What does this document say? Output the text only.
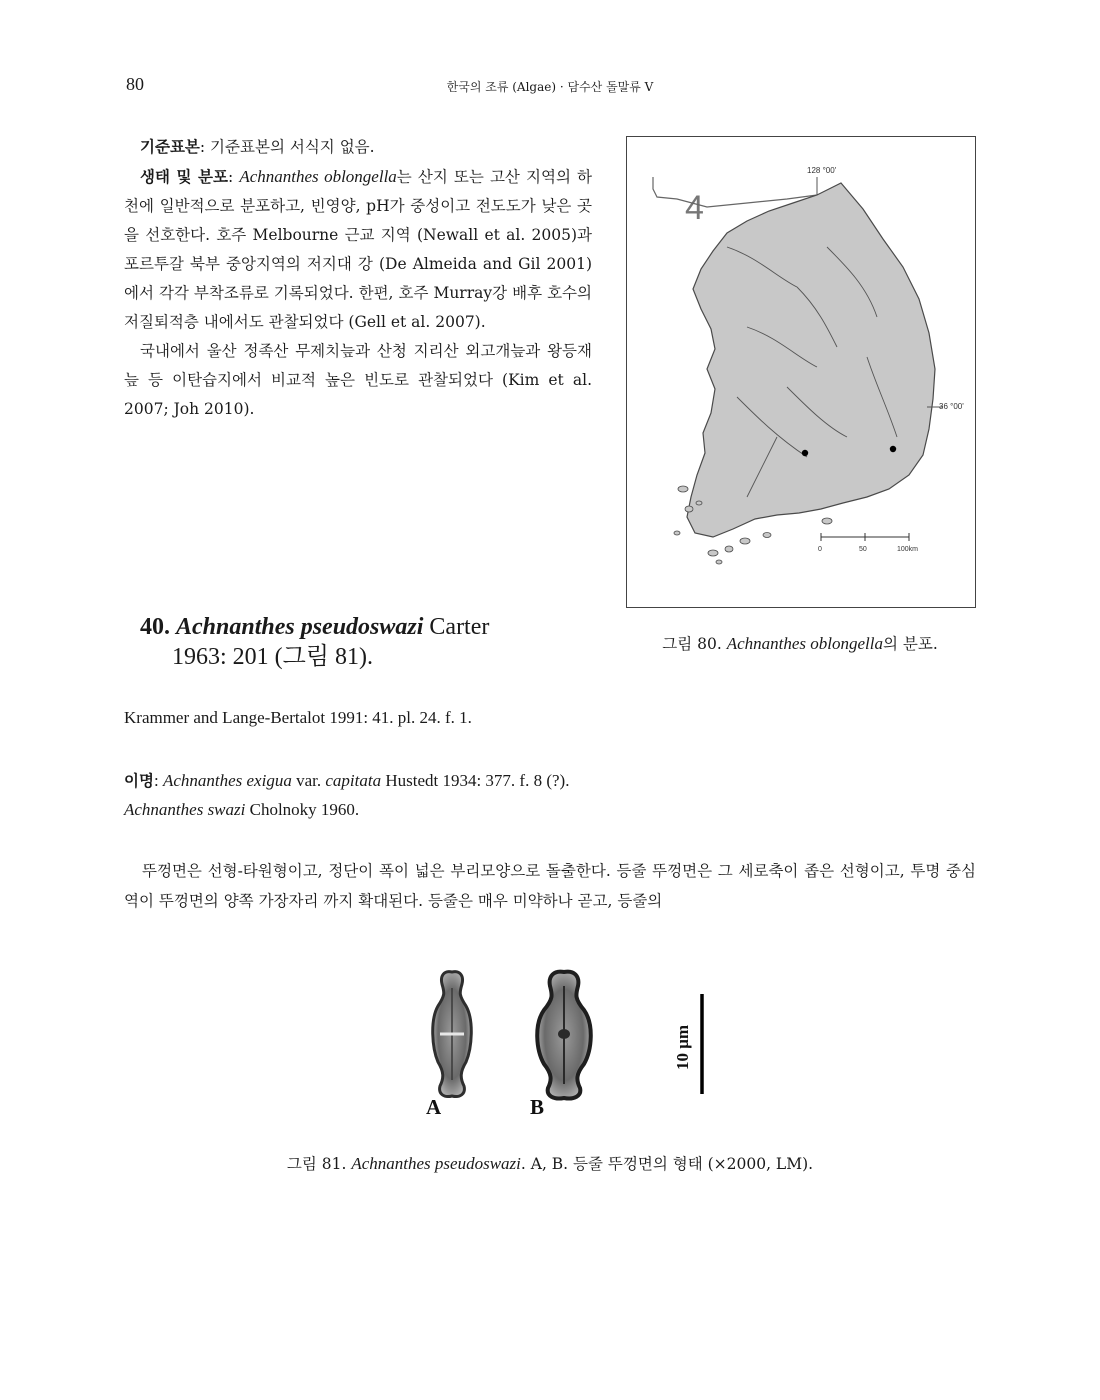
80	한국의 조류 (Algae) · 담수산 돌말류 V

기준표본: 기준표본의 서식지 없음.

생태 및 분포: Achnanthes oblongella는 산지 또는 고산 지역의 하천에 일반적으로 분포하고, 빈영양, pH가 중성이고 전도도가 낮은 곳을 선호한다. 호주 Melbourne 근교 지역 (Newall et al. 2005)과 포르투갈 북부 중앙지역의 저지대 강 (De Almeida and Gil 2001)에서 각각 부착조류로 기록되었다. 한편, 호주 Murray강 배후 호수의 저질퇴적층 내에서도 관찰되었다 (Gell et al. 2007).

국내에서 울산 정족산 무제치늪과 산청 지리산 외고개늪과 왕등재늪 등 이탄습지에서 비교적 높은 빈도로 관찰되었다 (Kim et al. 2007; Joh 2010).

4
128 °00'
36 °00'
0	50	100km
그림 80. Achnanthes oblongella의 분포.
40. Achnanthes pseudoswazi Carter
1963: 201 (그림 81).
Krammer and Lange-Bertalot 1991: 41. pl. 24. f. 1.
이명: Achnanthes exigua var. capitata Hustedt 1934: 377. f. 8 (?).
Achnanthes swazi Cholnoky 1960.

뚜껑면은 선형-타원형이고, 정단이 폭이 넓은 부리모양으로 돌출한다. 등줄 뚜껑면은 그 세로축이 좁은 선형이고, 투명 중심역이 뚜껑면의 양쪽 가장자리 까지 확대된다. 등줄은 매우 미약하나 곧고, 등줄의

A	B
10 μm
그림 81. Achnanthes pseudoswazi. A, B. 등줄 뚜껑면의 형태 (×2000, LM).
